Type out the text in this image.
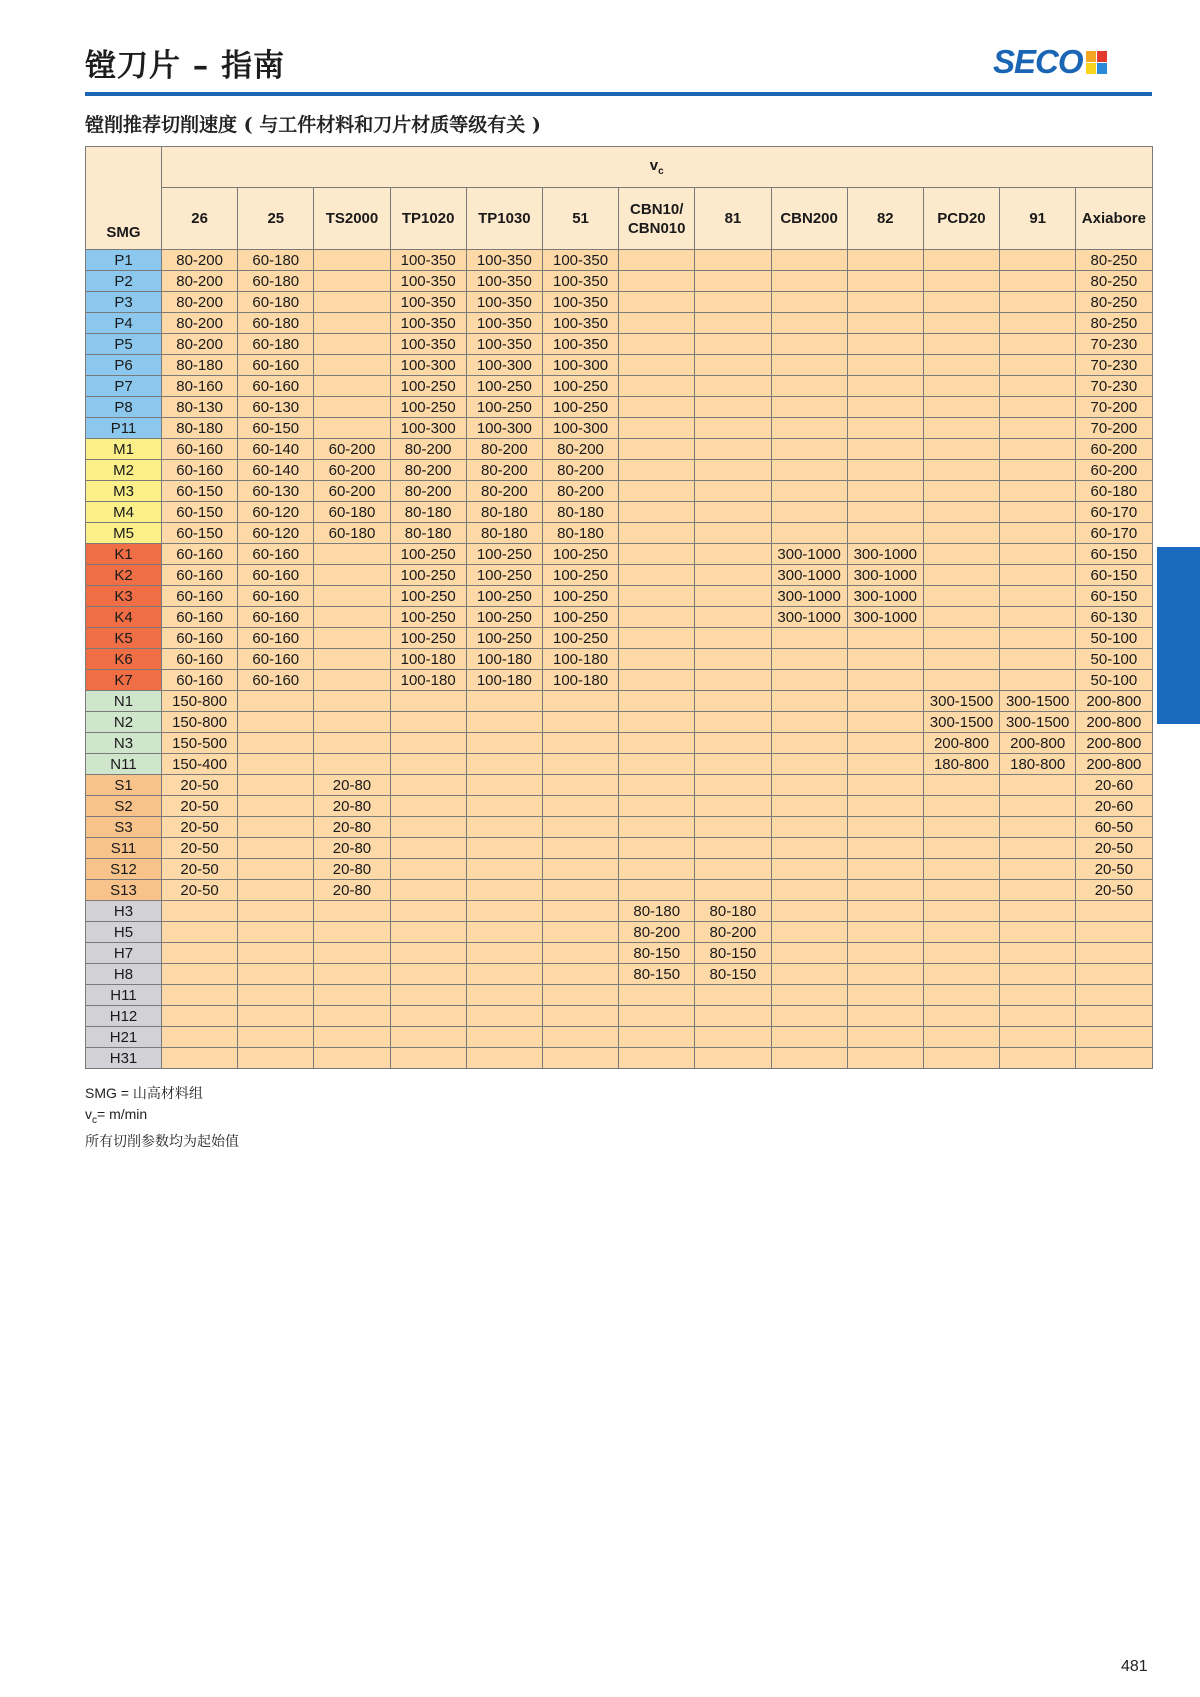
镗刀片 – 指南	SECO
镗削推荐切削速度 ( 与工件材料和刀片材质等级有关 )
SMG	$v_c$
	26	25	TS2000	TP1020	TP1030	51	CBN10/
CBN010	81	CBN200	82	PCD20	91	Axiabore
P1	80-200	60-180		100-350	100-350	100-350							80-250
P2	80-200	60-180		100-350	100-350	100-350							80-250
P3	80-200	60-180		100-350	100-350	100-350							80-250
P4	80-200	60-180		100-350	100-350	100-350							80-250
P5	80-200	60-180		100-350	100-350	100-350							70-230
P6	80-180	60-160		100-300	100-300	100-300							70-230
P7	80-160	60-160		100-250	100-250	100-250							70-230
P8	80-130	60-130		100-250	100-250	100-250							70-200
P11	80-180	60-150		100-300	100-300	100-300							70-200
M1	60-160	60-140	60-200	80-200	80-200	80-200							60-200
M2	60-160	60-140	60-200	80-200	80-200	80-200							60-200
M3	60-150	60-130	60-200	80-200	80-200	80-200							60-180
M4	60-150	60-120	60-180	80-180	80-180	80-180							60-170
M5	60-150	60-120	60-180	80-180	80-180	80-180							60-170
K1	60-160	60-160		100-250	100-250	100-250			300-1000	300-1000			60-150
K2	60-160	60-160		100-250	100-250	100-250			300-1000	300-1000			60-150
K3	60-160	60-160		100-250	100-250	100-250			300-1000	300-1000			60-150
K4	60-160	60-160		100-250	100-250	100-250			300-1000	300-1000			60-130
K5	60-160	60-160		100-250	100-250	100-250							50-100
K6	60-160	60-160		100-180	100-180	100-180							50-100
K7	60-160	60-160		100-180	100-180	100-180							50-100
N1	150-800										300-1500	300-1500	200-800
N2	150-800										300-1500	300-1500	200-800
N3	150-500										200-800	200-800	200-800
N11	150-400										180-800	180-800	200-800
S1	20-50		20-80										20-60
S2	20-50		20-80										20-60
S3	20-50		20-80										60-50
S11	20-50		20-80										20-50
S12	20-50		20-80										20-50
S13	20-50		20-80										20-50
H3							80-180	80-180					
H5							80-200	80-200					
H7							80-150	80-150					
H8							80-150	80-150					
H11													
H12													
H21													
H31													
SMG = 山高材料组
$v_c= m/\min$
所有切削参数均为起始值
481
